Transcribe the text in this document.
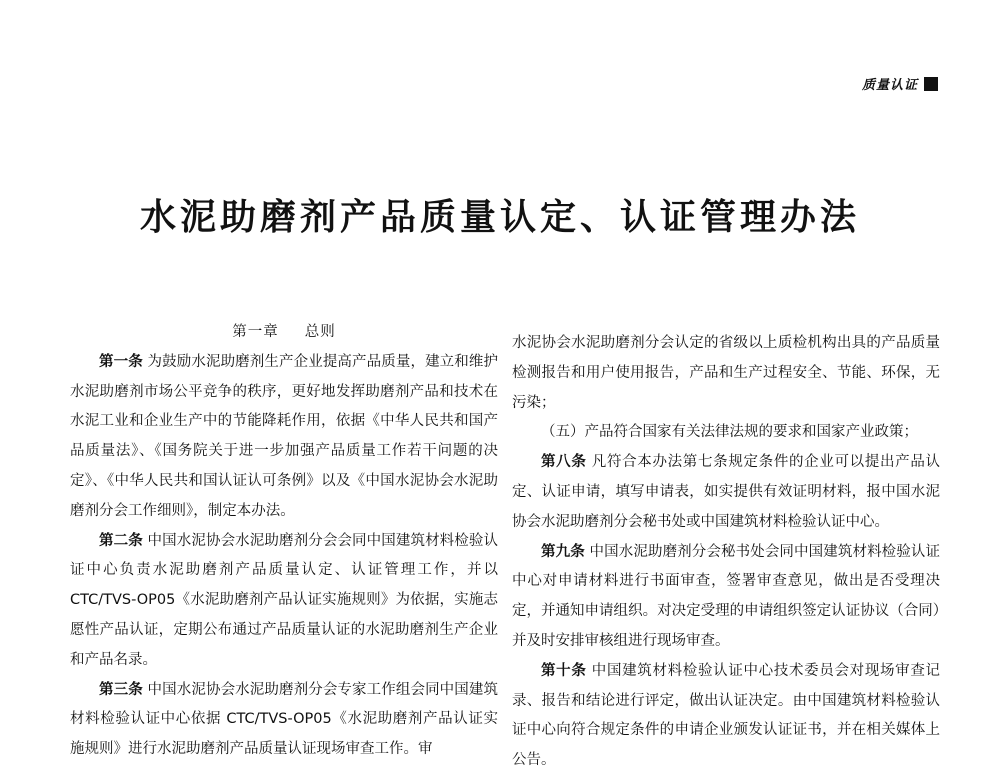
质量认证
水泥助磨剂产品质量认定、认证管理办法

第一章 总则

第一条 为鼓励水泥助磨剂生产企业提高产品质量，建立和维护水泥助磨剂市场公平竞争的秩序，更好地发挥助磨剂产品和技术在水泥工业和企业生产中的节能降耗作用，依据《中华人民共和国产品质量法》、《国务院关于进一步加强产品质量工作若干问题的决定》、《中华人民共和国认证认可条例》以及《中国水泥协会水泥助磨剂分会工作细则》，制定本办法。

第二条 中国水泥协会水泥助磨剂分会会同中国建筑材料检验认证中心负责水泥助磨剂产品质量认定、认证管理工作，并以CTC/TVS-OP05《水泥助磨剂产品认证实施规则》为依据，实施志愿性产品认证，定期公布通过产品质量认证的水泥助磨剂生产企业和产品名录。

第三条 中国水泥协会水泥助磨剂分会专家工作组会同中国建筑材料检验认证中心依据 CTC/TVS-OP05《水泥助磨剂产品认证实施规则》进行水泥助磨剂产品质量认证现场审查工作。审

水泥协会水泥助磨剂分会认定的省级以上质检机构出具的产品质量检测报告和用户使用报告，产品和生产过程安全、节能、环保，无污染；

（五）产品符合国家有关法律法规的要求和国家产业政策；

第八条 凡符合本办法第七条规定条件的企业可以提出产品认定、认证申请，填写申请表，如实提供有效证明材料，报中国水泥协会水泥助磨剂分会秘书处或中国建筑材料检验认证中心。

第九条 中国水泥助磨剂分会秘书处会同中国建筑材料检验认证中心对申请材料进行书面审查，签署审查意见，做出是否受理决定，并通知申请组织。对决定受理的申请组织签定认证协议（合同）并及时安排审核组进行现场审查。

第十条 中国建筑材料检验认证中心技术委员会对现场审查记录、报告和结论进行评定，做出认证决定。由中国建筑材料检验认证中心向符合规定条件的申请企业颁发认证证书，并在相关媒体上公告。
